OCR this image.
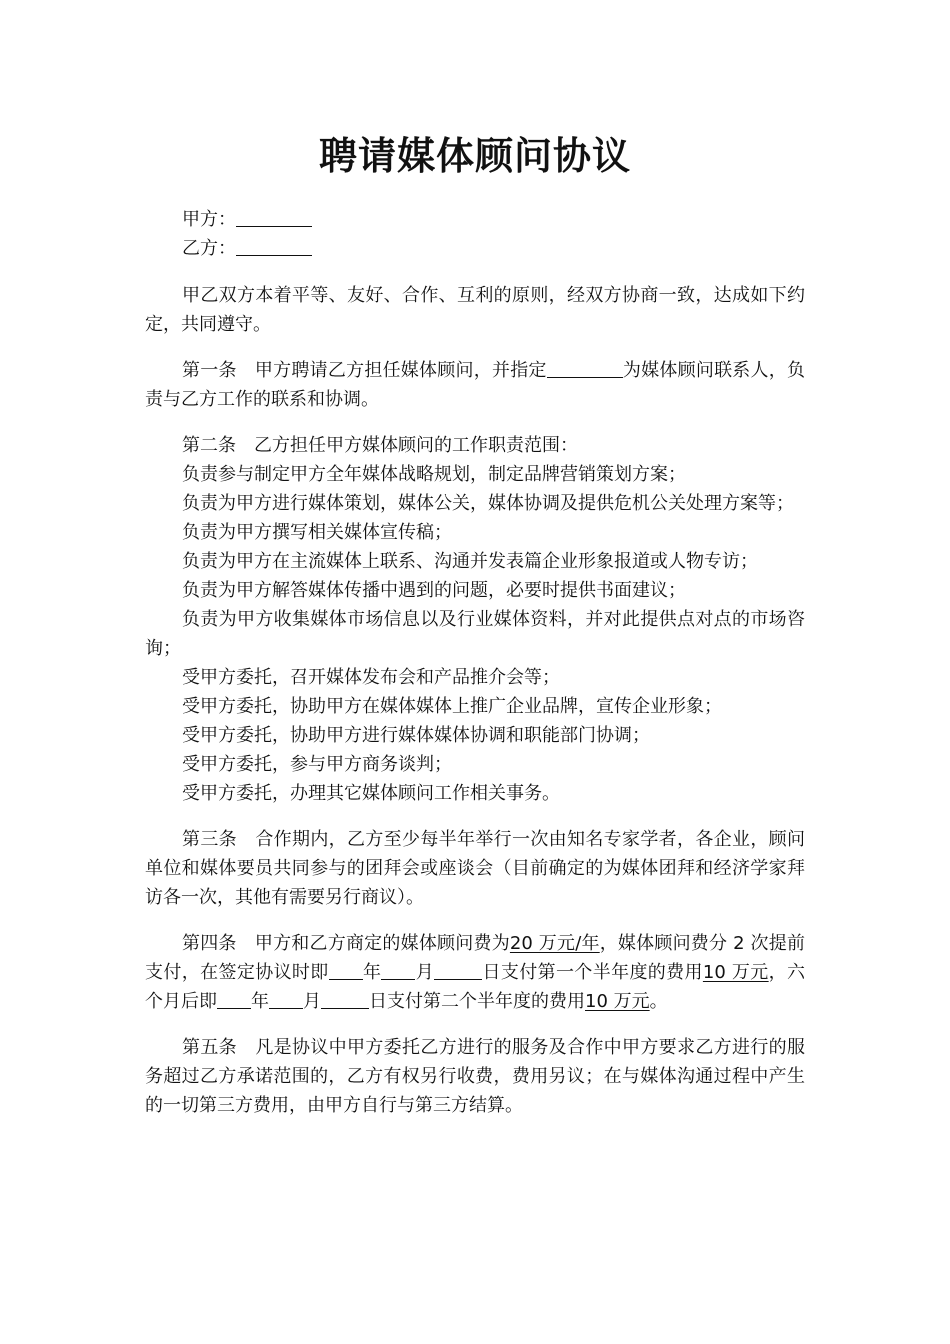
聘请媒体顾问协议

甲方：

乙方：

甲乙双方本着平等、友好、合作、互利的原则，经双方协商一致，达成如下约定，共同遵守。

第一条 甲方聘请乙方担任媒体顾问，并指定	为媒体顾问联系人，负责与乙方工作的联系和协调。

第二条 乙方担任甲方媒体顾问的工作职责范围：

负责参与制定甲方全年媒体战略规划，制定品牌营销策划方案；

负责为甲方进行媒体策划，媒体公关，媒体协调及提供危机公关处理方案等；

负责为甲方撰写相关媒体宣传稿；

负责为甲方在主流媒体上联系、沟通并发表篇企业形象报道或人物专访；

负责为甲方解答媒体传播中遇到的问题，必要时提供书面建议；

负责为甲方收集媒体市场信息以及行业媒体资料，并对此提供点对点的市场咨询；

受甲方委托，召开媒体发布会和产品推介会等；

受甲方委托，协助甲方在媒体媒体上推广企业品牌，宣传企业形象；

受甲方委托，协助甲方进行媒体媒体协调和职能部门协调；

受甲方委托，参与甲方商务谈判；

受甲方委托，办理其它媒体顾问工作相关事务。

第三条 合作期内，乙方至少每半年举行一次由知名专家学者，各企业，顾问单位和媒体要员共同参与的团拜会或座谈会（目前确定的为媒体团拜和经济学家拜访各一次，其他有需要另行商议）。

第四条 甲方和乙方商定的媒体顾问费为20 万元/年，媒体顾问费分 2 次提前支付，在签定协议时即 年 月	日支付第一个半年度的费用10 万元，六个月后即 年 月	日支付第二个半年度的费用10 万元。

第五条 凡是协议中甲方委托乙方进行的服务及合作中甲方要求乙方进行的服务超过乙方承诺范围的，乙方有权另行收费，费用另议；在与媒体沟通过程中产生的一切第三方费用，由甲方自行与第三方结算。
